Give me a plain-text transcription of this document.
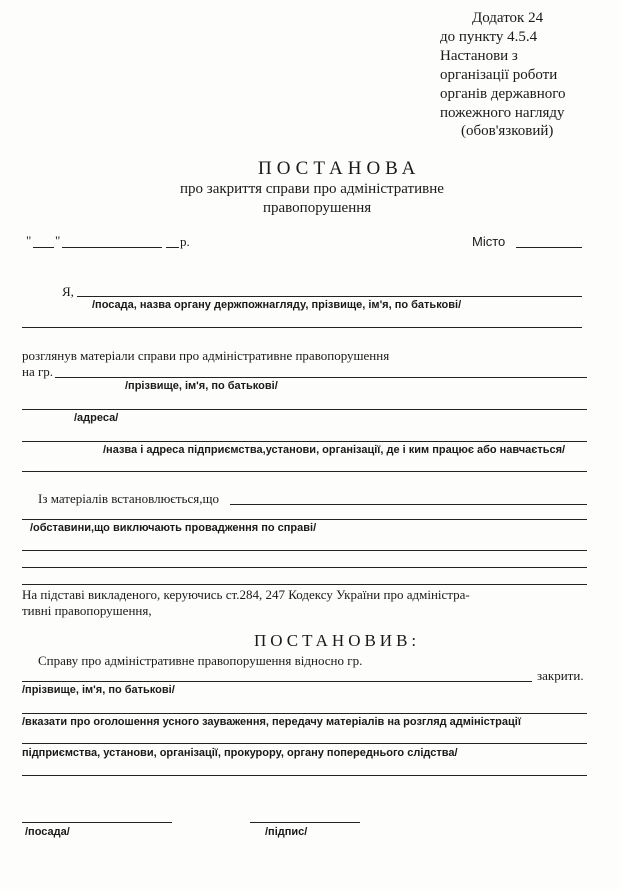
Додаток 24
до пункту 4.5.4
Настанови з
організації роботи
органів державного
пожежного нагляду
(обов'язковий)
ПОСТАНОВА
про закриття справи про адміністративне
правопорушення
" "	р.	Місто
Я,
/посада, назва органу держпожнагляду, прізвище, ім'я, по батькові/
розглянув матеріали справи про адміністративне правопорушення
на гр.
/прізвище, ім'я, по батькові/
/адреса/
/назва і адреса підприємства,установи, організації, де і ким працює або навчається/
Із матеріалів встановлюється,що
/обставини,що виключають провадження по справі/
На підставі викладеного, керуючись ст.284, 247 Кодексу України про адміністра-
тивні правопорушення,
ПОСТАНОВИВ:
Справу про адміністративне правопорушення відносно гр.
закрити.
/прізвище, ім'я, по батькові/
/вказати про оголошення усного зауваження, передачу матеріалів на розгляд адміністрації
підприємства, установи, організації, прокурору, органу попереднього слідства/
/посада/	/підпис/
